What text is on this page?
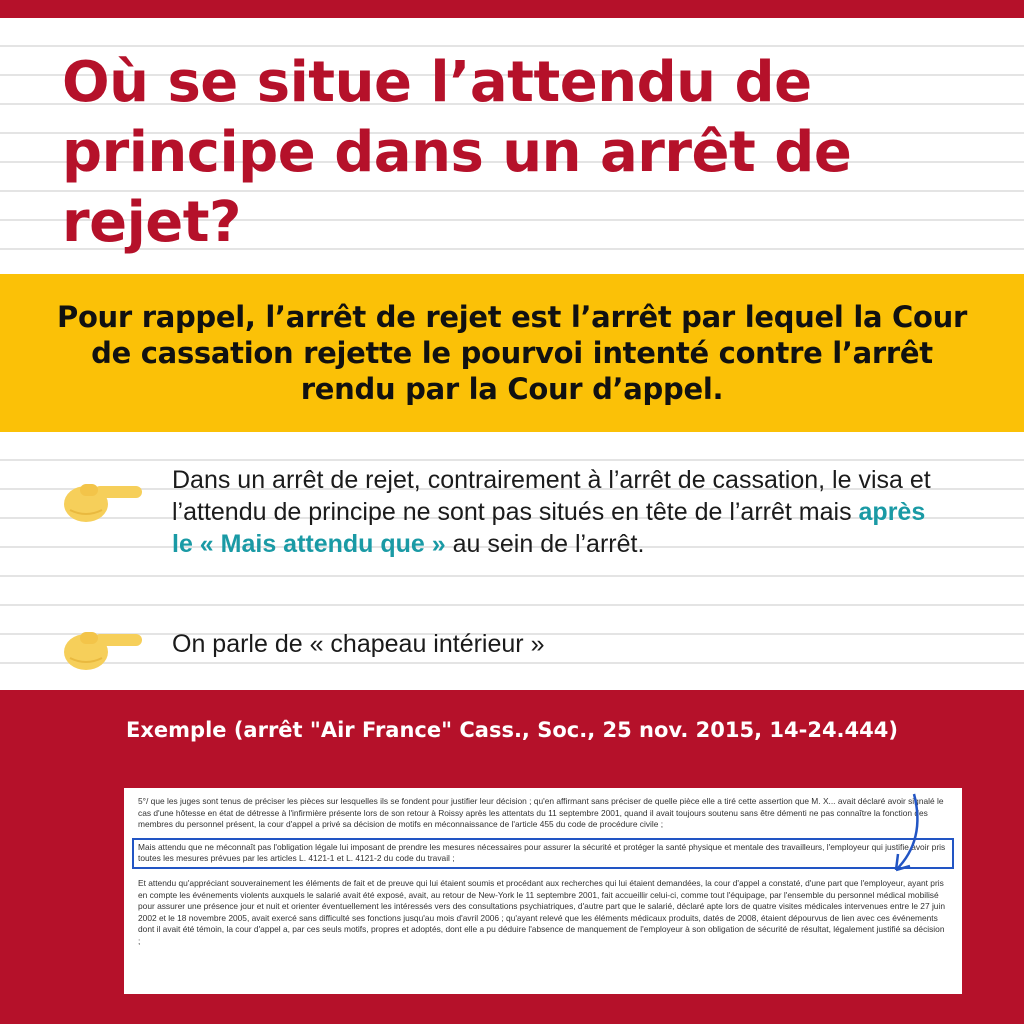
Où se situe l’attendu de principe dans un arrêt de rejet?
Pour rappel, l’arrêt de rejet est l’arrêt par lequel la Cour de cassation rejette le pourvoi intenté contre l’arrêt rendu par la Cour d’appel.

Dans un arrêt de rejet, contrairement à l’arrêt de cassation, le visa et l’attendu de principe ne sont pas situés en tête de l’arrêt mais après le « Mais attendu que » au sein de l’arrêt.

On parle de « chapeau intérieur »

Exemple (arrêt "Air France" Cass., Soc., 25 nov. 2015, 14-24.444)

5°/ que les juges sont tenus de préciser les pièces sur lesquelles ils se fondent pour justifier leur décision ; qu'en affirmant sans préciser de quelle pièce elle a tiré cette assertion que M. X... avait déclaré avoir signalé le cas d'une hôtesse en état de détresse à l'infirmière présente lors de son retour à Roissy après les attentats du 11 septembre 2001, quand il avait toujours soutenu sans être démenti ne pas connaître la fonction des membres du personnel présent, la cour d'appel a privé sa décision de motifs en méconnaissance de l'article 455 du code de procédure civile ;

Mais attendu que ne méconnaît pas l'obligation légale lui imposant de prendre les mesures nécessaires pour assurer la sécurité et protéger la santé physique et mentale des travailleurs, l'employeur qui justifie avoir pris toutes les mesures prévues par les articles L. 4121-1 et L. 4121-2 du code du travail ;

Et attendu qu'appréciant souverainement les éléments de fait et de preuve qui lui étaient soumis et procédant aux recherches qui lui étaient demandées, la cour d'appel a constaté, d'une part que l'employeur, ayant pris en compte les événements violents auxquels le salarié avait été exposé, avait, au retour de New-York le 11 septembre 2001, fait accueillir celui-ci, comme tout l'équipage, par l'ensemble du personnel médical mobilisé pour assurer une présence jour et nuit et orienter éventuellement les intéressés vers des consultations psychiatriques, d'autre part que le salarié, déclaré apte lors de quatre visites médicales intervenues entre le 27 juin 2002 et le 18 novembre 2005, avait exercé sans difficulté ses fonctions jusqu'au mois d'avril 2006 ; qu'ayant relevé que les éléments médicaux produits, datés de 2008, étaient dépourvus de lien avec ces événements dont il avait été témoin, la cour d'appel a, par ces seuls motifs, propres et adoptés, dont elle a pu déduire l'absence de manquement de l'employeur à son obligation de sécurité de résultat, légalement justifié sa décision ;
